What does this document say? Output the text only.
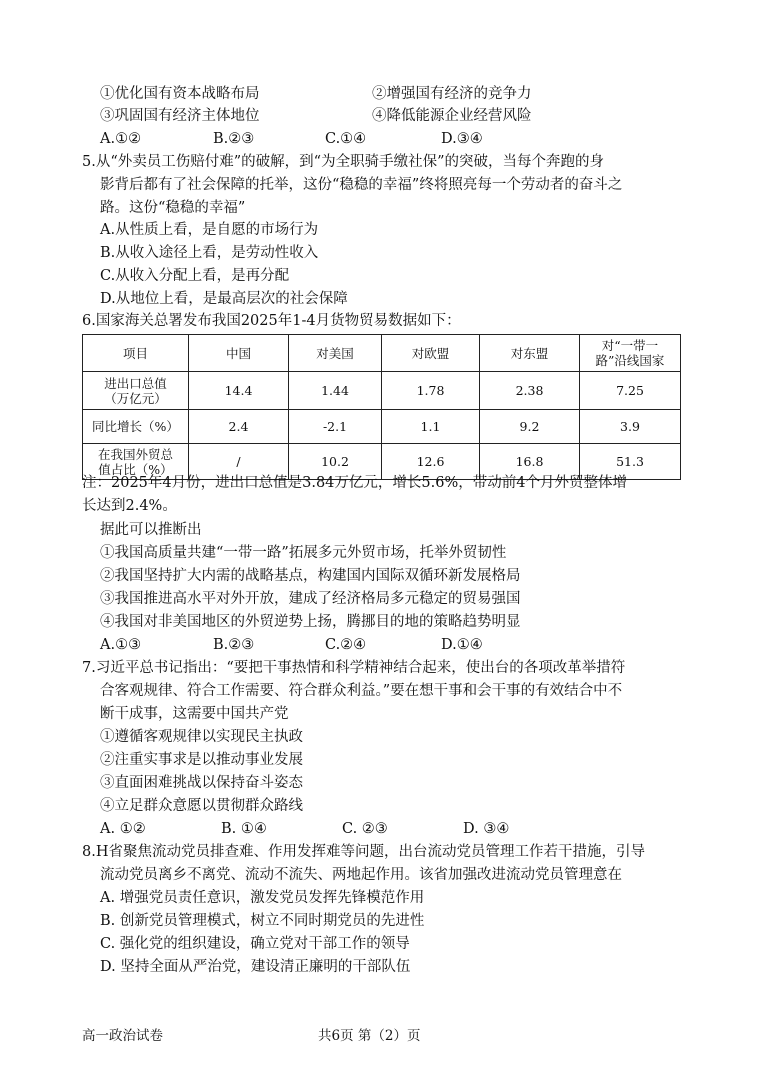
①优化国有资本战略布局	②增强国有经济的竞争力
③巩固国有经济主体地位	④降低能源企业经营风险
A.①②	B.②③	C.①④	D.③④
5.从“外卖员工伤赔付难”的破解，到“为全职骑手缴社保”的突破，当每个奔跑的身
影背后都有了社会保障的托举，这份“稳稳的幸福”终将照亮每一个劳动者的奋斗之
路。这份“稳稳的幸福”
A.从性质上看，是自愿的市场行为
B.从收入途径上看，是劳动性收入
C.从收入分配上看，是再分配
D.从地位上看，是最高层次的社会保障
6.国家海关总署发布我国2025年1-4月货物贸易数据如下：
项目	中国	对美国	对欧盟	对东盟	对“一带一路”沿线国家
进出口总值（万亿元）	14.4	1.44	1.78	2.38	7.25
同比增长（%）	2.4	-2.1	1.1	9.2	3.9
在我国外贸总值占比（%）	/	10.2	12.6	16.8	51.3
注：2025年4月份，进出口总值是3.84万亿元，增长5.6%，带动前4个月外贸整体增
长达到2.4%。
据此可以推断出
①我国高质量共建“一带一路”拓展多元外贸市场，托举外贸韧性
②我国坚持扩大内需的战略基点，构建国内国际双循环新发展格局
③我国推进高水平对外开放，建成了经济格局多元稳定的贸易强国
④我国对非美国地区的外贸逆势上扬，腾挪目的地的策略趋势明显
A.①③	B.②③	C.②④	D.①④
7.习近平总书记指出：“要把干事热情和科学精神结合起来，使出台的各项改革举措符
合客观规律、符合工作需要、符合群众利益。”要在想干事和会干事的有效结合中不
断干成事，这需要中国共产党
①遵循客观规律以实现民主执政
②注重实事求是以推动事业发展
③直面困难挑战以保持奋斗姿态
④立足群众意愿以贯彻群众路线
A. ①②	B. ①④	C. ②③	D. ③④
8.H省聚焦流动党员排查难、作用发挥难等问题，出台流动党员管理工作若干措施，引导
流动党员离乡不离党、流动不流失、两地起作用。该省加强改进流动党员管理意在
A. 增强党员责任意识，激发党员发挥先锋模范作用
B. 创新党员管理模式，树立不同时期党员的先进性
C. 强化党的组织建设，确立党对干部工作的领导
D. 坚持全面从严治党，建设清正廉明的干部队伍
高一政治试卷	共6页 第（2）页
